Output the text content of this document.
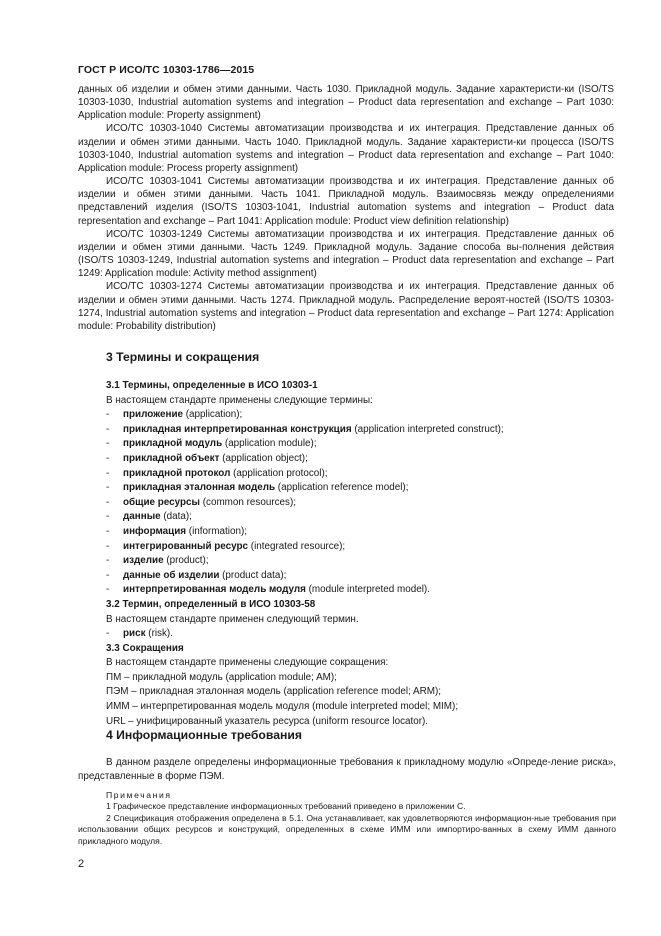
ГОСТ Р ИСО/ТС 10303-1786—2015

данных об изделии и обмен этими данными. Часть 1030. Прикладной модуль. Задание характеристи-ки (ISO/TS 10303-1030, Industrial automation systems and integration – Product data representation and exchange – Part 1030: Application module: Property assignment)

ИСО/ТС 10303-1040 Системы автоматизации производства и их интеграция. Представление данных об изделии и обмен этими данными. Часть 1040. Прикладной модуль. Задание характеристи-ки процесса (ISO/TS 10303-1040, Industrial automation systems and integration – Product data representation and exchange – Part 1040: Application module: Process property assignment)

ИСО/ТС 10303-1041 Системы автоматизации производства и их интеграция. Представление данных об изделии и обмен этими данными. Часть 1041. Прикладной модуль. Взаимосвязь между определениями представлений изделия (ISO/TS 10303-1041, Industrial automation systems and integration – Product data representation and exchange – Part 1041: Application module: Product view definition relationship)

ИСО/ТС 10303-1249 Системы автоматизации производства и их интеграция. Представление данных об изделии и обмен этими данными. Часть 1249. Прикладной модуль. Задание способа вы-полнения действия (ISO/TS 10303-1249, Industrial automation systems and integration – Product data representation and exchange – Part 1249: Application module: Activity method assignment)

ИСО/ТС 10303-1274 Системы автоматизации производства и их интеграция. Представление данных об изделии и обмен этими данными. Часть 1274. Прикладной модуль. Распределение вероят-ностей (ISO/TS 10303-1274, Industrial automation systems and integration – Product data representation and exchange – Part 1274: Application module: Probability distribution)

3 Термины и сокращения
3.1 Термины, определенные в ИСО 10303-1
В настоящем стандарте применены следующие термины:
- приложение (application);
- прикладная интерпретированная конструкция (application interpreted construct);
- прикладной модуль (application module);
- прикладной объект (application object);
- прикладной протокол (application protocol);
- прикладная эталонная модель (application reference model);
- общие ресурсы (common resources);
- данные (data);
- информация (information);
- интегрированный ресурс (integrated resource);
- изделие (product);
- данные об изделии (product data);
- интерпретированная модель модуля (module interpreted model).
3.2 Термин, определенный в ИСО 10303-58
В настоящем стандарте применен следующий термин.
- риск (risk).
3.3 Сокращения
В настоящем стандарте применены следующие сокращения:
ПМ – прикладной модуль (application module; AM);
ПЭМ – прикладная эталонная модель (application reference model; ARM);
ИММ – интерпретированная модель модуля (module interpreted model; MIM);
URL – унифицированный указатель ресурса (uniform resource locator).
4 Информационные требования

В данном разделе определены информационные требования к прикладному модулю «Опреде-ление риска», представленные в форме ПЭМ.

Примечания

1 Графическое представление информационных требований приведено в приложении С.

2 Спецификация отображения определена в 5.1. Она устанавливает, как удовлетворяются информацион-ные требования при использовании общих ресурсов и конструкций, определенных в схеме ИММ или импортиро-ванных в схему ИММ данного прикладного модуля.

2
